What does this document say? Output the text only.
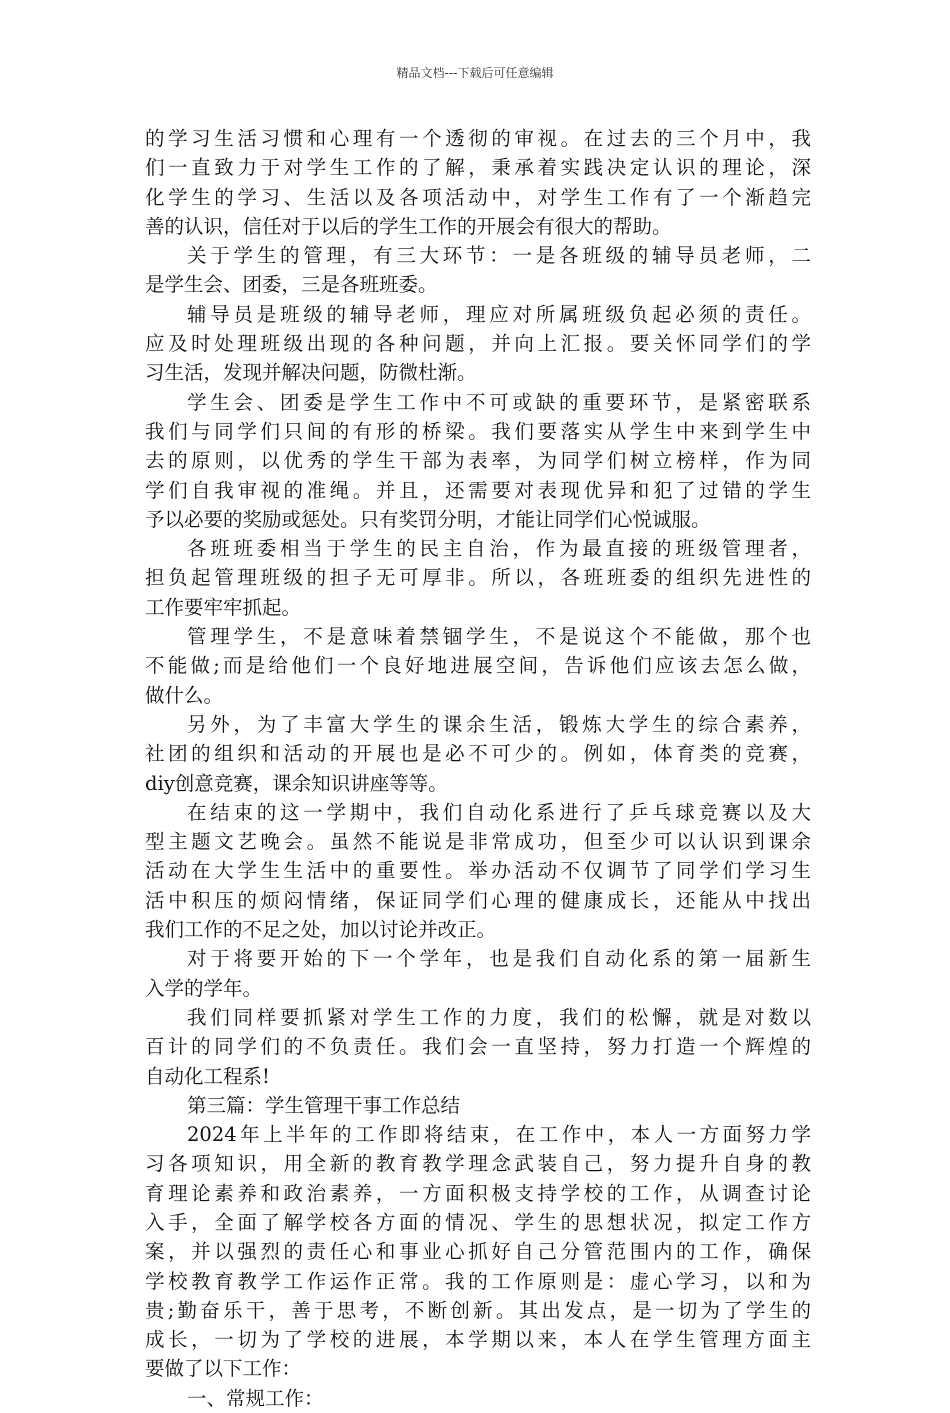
精品文档---下载后可任意编辑
的学习生活习惯和心理有一个透彻的审视。在过去的三个月中，我
们一直致力于对学生工作的了解，秉承着实践决定认识的理论，深
化学生的学习、生活以及各项活动中，对学生工作有了一个渐趋完
善的认识，信任对于以后的学生工作的开展会有很大的帮助。
关于学生的管理，有三大环节：一是各班级的辅导员老师，二
是学生会、团委，三是各班班委。
辅导员是班级的辅导老师，理应对所属班级负起必须的责任。
应及时处理班级出现的各种问题，并向上汇报。要关怀同学们的学
习生活，发现并解决问题，防微杜渐。
学生会、团委是学生工作中不可或缺的重要环节，是紧密联系
我们与同学们只间的有形的桥梁。我们要落实从学生中来到学生中
去的原则，以优秀的学生干部为表率，为同学们树立榜样，作为同
学们自我审视的准绳。并且，还需要对表现优异和犯了过错的学生
予以必要的奖励或惩处。只有奖罚分明，才能让同学们心悦诚服。
各班班委相当于学生的民主自治，作为最直接的班级管理者，
担负起管理班级的担子无可厚非。所以，各班班委的组织先进性的
工作要牢牢抓起。
管理学生，不是意味着禁锢学生，不是说这个不能做，那个也
不能做;而是给他们一个良好地进展空间，告诉他们应该去怎么做，
做什么。
另外，为了丰富大学生的课余生活，锻炼大学生的综合素养，
社团的组织和活动的开展也是必不可少的。例如，体育类的竞赛，
diy创意竞赛，课余知识讲座等等。
在结束的这一学期中，我们自动化系进行了乒乓球竞赛以及大
型主题文艺晚会。虽然不能说是非常成功，但至少可以认识到课余
活动在大学生生活中的重要性。举办活动不仅调节了同学们学习生
活中积压的烦闷情绪，保证同学们心理的健康成长，还能从中找出
我们工作的不足之处，加以讨论并改正。
对于将要开始的下一个学年，也是我们自动化系的第一届新生
入学的学年。
我们同样要抓紧对学生工作的力度，我们的松懈，就是对数以
百计的同学们的不负责任。我们会一直坚持，努力打造一个辉煌的
自动化工程系!
第三篇：学生管理干事工作总结
2024年上半年的工作即将结束，在工作中，本人一方面努力学
习各项知识，用全新的教育教学理念武装自己，努力提升自身的教
育理论素养和政治素养，一方面积极支持学校的工作，从调查讨论
入手，全面了解学校各方面的情况、学生的思想状况，拟定工作方
案，并以强烈的责任心和事业心抓好自己分管范围内的工作，确保
学校教育教学工作运作正常。我的工作原则是：虚心学习，以和为
贵;勤奋乐干，善于思考，不断创新。其出发点，是一切为了学生的
成长，一切为了学校的进展，本学期以来，本人在学生管理方面主
要做了以下工作：
一、常规工作：
